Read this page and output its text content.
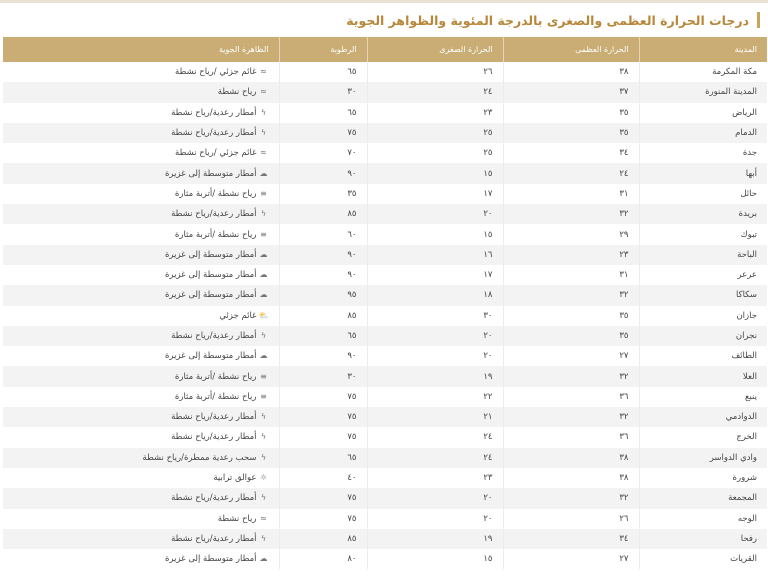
درجات الحرارة العظمى والصغرى بالدرجة المئوية والظواهر الجوية
المدينة	الحرارة العظمى	الحرارة الصغرى	الرطوبة	الظاهرة الجوية
مكة المكرمة	٣٨	٢٦	٦٥	≈غائم جزئي /رياح نشطة
المدينة المنورة	٣٧	٢٤	٣٠	≈رياح نشطة
الرياض	٣٥	٢٣	٦٥	ϟأمطار رعدية/رياح نشطة
الدمام	٣٥	٢٥	٧٥	ϟأمطار رعدية/رياح نشطة
جدة	٣٤	٢٥	٧٠	≈غائم جزئي /رياح نشطة
أبها	٢٤	١٥	٩٠	☁أمطار متوسطة إلى غزيرة
حائل	٣١	١٧	٣٥	≡رياح نشطة /أتربة مثارة
بريدة	٣٢	٢٠	٨٥	ϟأمطار رعدية/رياح نشطة
تبوك	٢٩	١٥	٦٠	≡رياح نشطة /أتربة مثارة
الباحة	٢٣	١٦	٩٠	☁أمطار متوسطة إلى غزيرة
عرعر	٣١	١٧	٩٠	☁أمطار متوسطة إلى غزيرة
سكاكا	٣٢	١٨	٩٥	☁أمطار متوسطة إلى غزيرة
جازان	٣٥	٣٠	٨٥	⛅غائم جزئي
نجران	٣٥	٢٠	٦٥	ϟأمطار رعدية/رياح نشطة
الطائف	٢٧	٢٠	٩٠	☁أمطار متوسطة إلى غزيرة
العلا	٣٢	١٩	٣٠	≡رياح نشطة /أتربة مثارة
ينبع	٣٦	٢٢	٧٥	≡رياح نشطة /أتربة مثارة
الدوادمي	٣٢	٢١	٧٥	ϟأمطار رعدية/رياح نشطة
الخرج	٣٦	٢٤	٧٥	ϟأمطار رعدية/رياح نشطة
وادي الدواسر	٣٨	٢٤	٦٥	ϟسحب رعدية ممطرة/رياح نشطة
شرورة	٣٨	٢٣	٤٠	☼عوالق ترابية
المجمعة	٣٢	٢٠	٧٥	ϟأمطار رعدية/رياح نشطة
الوجه	٢٦	٢٠	٧٥	≈رياح نشطة
رفحا	٣٤	١٩	٨٥	ϟأمطار رعدية/رياح نشطة
القريات	٢٧	١٥	٨٠	☁أمطار متوسطة إلى غزيرة
